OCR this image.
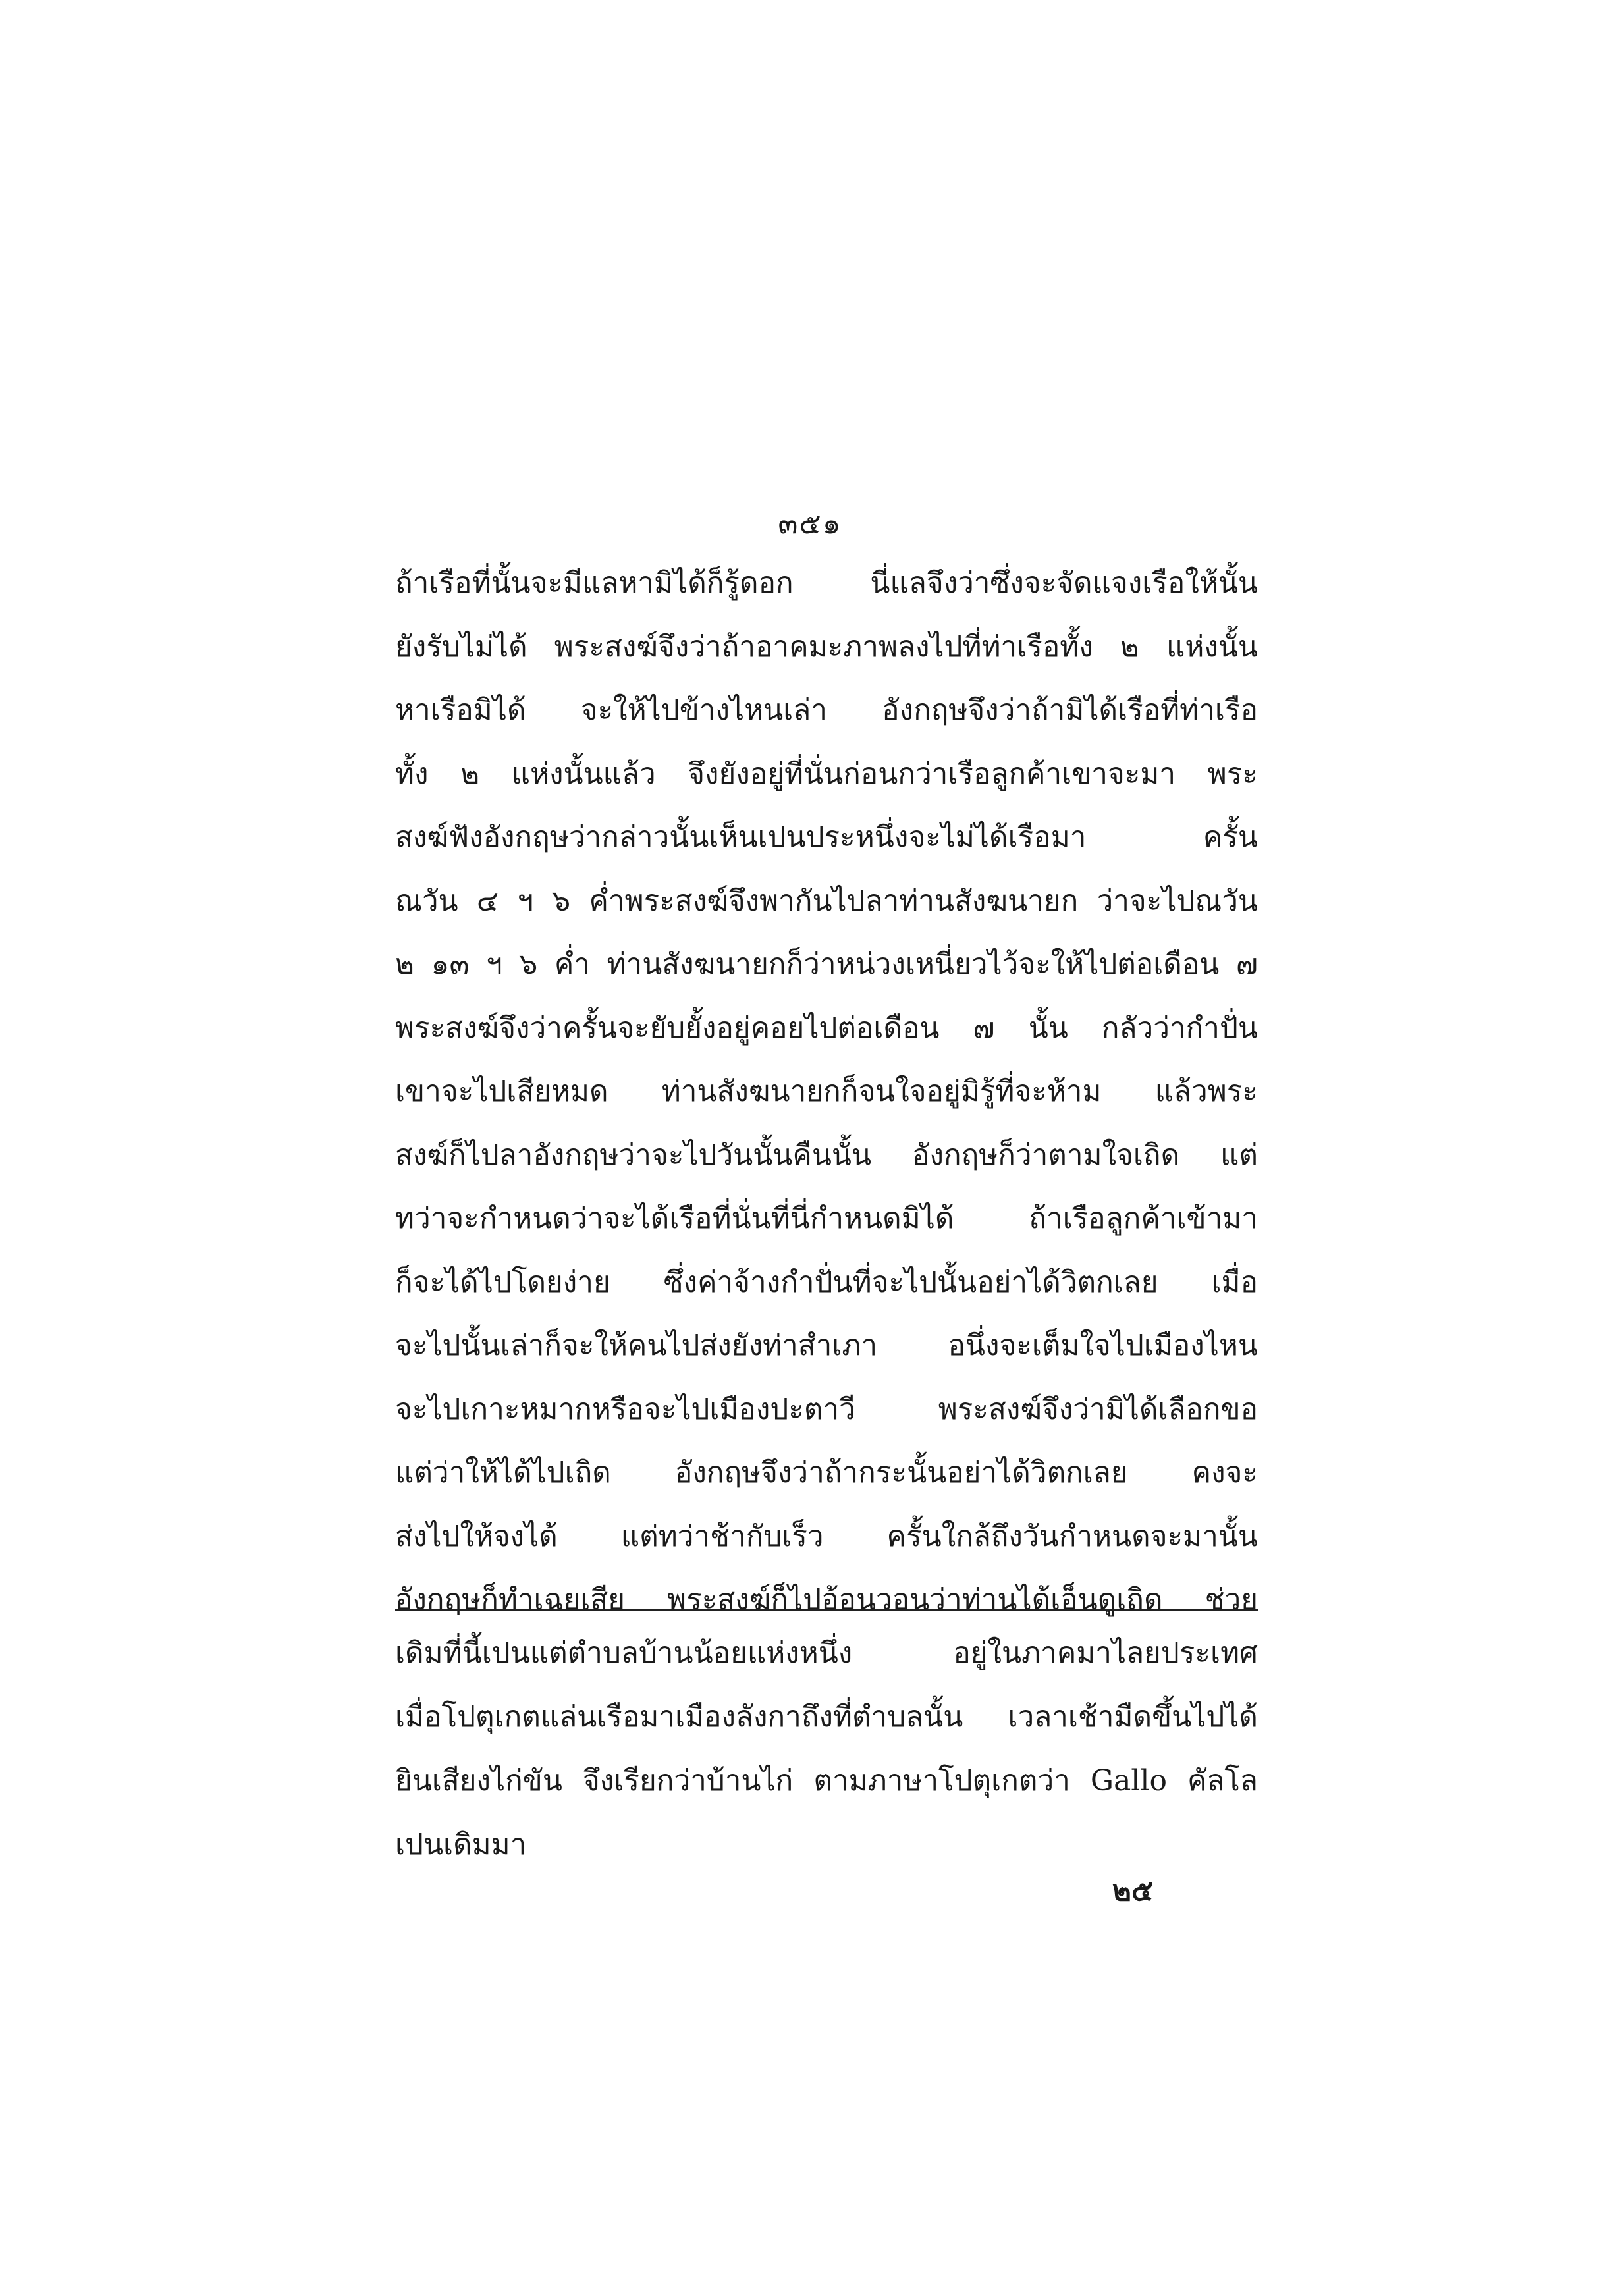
๓๕๑
ถ้าเรือที่นั้นจะมีแลหามิได้ก็รู้ดอก นี่แลจึงว่าซึ่งจะจัดแจงเรือให้นั้น
ยังรับไม่ได้ พระสงฆ์จึงว่าถ้าอาคมะภาพลงไปที่ท่าเรือทั้ง ๒ แห่งนั้น
หาเรือมิได้ จะให้ไปข้างไหนเล่า อังกฤษจึงว่าถ้ามิได้เรือที่ท่าเรือ
ทั้ง ๒ แห่งนั้นแล้ว จึงยังอยู่ที่นั่นก่อนกว่าเรือลูกค้าเขาจะมา พระ
สงฆ์ฟังอังกฤษว่ากล่าวนั้นเห็นเปนประหนึ่งจะไม่ได้เรือมา ครั้น
ณวัน ๔ ฯ ๖ ค่ำพระสงฆ์จึงพากันไปลาท่านสังฆนายก ว่าจะไปณวัน
๒ ๑๓ ฯ ๖ ค่ำ ท่านสังฆนายกก็ว่าหน่วงเหนี่ยวไว้จะให้ไปต่อเดือน ๗
พระสงฆ์จึงว่าครั้นจะยับยั้งอยู่คอยไปต่อเดือน ๗ นั้น กลัวว่ากำปั่น
เขาจะไปเสียหมด ท่านสังฆนายกก็จนใจอยู่มิรู้ที่จะห้าม แล้วพระ
สงฆ์ก็ไปลาอังกฤษว่าจะไปวันนั้นคืนนั้น อังกฤษก็ว่าตามใจเถิด แต่
ทว่าจะกำหนดว่าจะได้เรือที่นั่นที่นี่กำหนดมิได้ ถ้าเรือลูกค้าเข้ามา
ก็จะได้ไปโดยง่าย ซึ่งค่าจ้างกำปั่นที่จะไปนั้นอย่าได้วิตกเลย เมื่อ
จะไปนั้นเล่าก็จะให้คนไปส่งยังท่าสำเภา อนึ่งจะเต็มใจไปเมืองไหน
จะไปเกาะหมากหรือจะไปเมืองปะตาวี พระสงฆ์จึงว่ามิได้เลือกขอ
แต่ว่าให้ได้ไปเถิด อังกฤษจึงว่าถ้ากระนั้นอย่าได้วิตกเลย คงจะ
ส่งไปให้จงได้ แต่ทว่าช้ากับเร็ว ครั้นใกล้ถึงวันกำหนดจะมานั้น
อังกฤษก็ทำเฉยเสีย พระสงฆ์ก็ไปอ้อนวอนว่าท่านได้เอ็นดูเถิด ช่วย
เดิมที่นี้เปนแต่ตำบลบ้านน้อยแห่งหนึ่ง อยู่ในภาคมาไลยประเทศ
เมื่อโปตุเกตแล่นเรือมาเมืองลังกาถึงที่ตำบลนั้น เวลาเช้ามืดขึ้นไปได้
ยินเสียงไก่ขัน จึงเรียกว่าบ้านไก่ ตามภาษาโปตุเกตว่า Gallo คัลโล
เปนเดิมมา
๒๕
